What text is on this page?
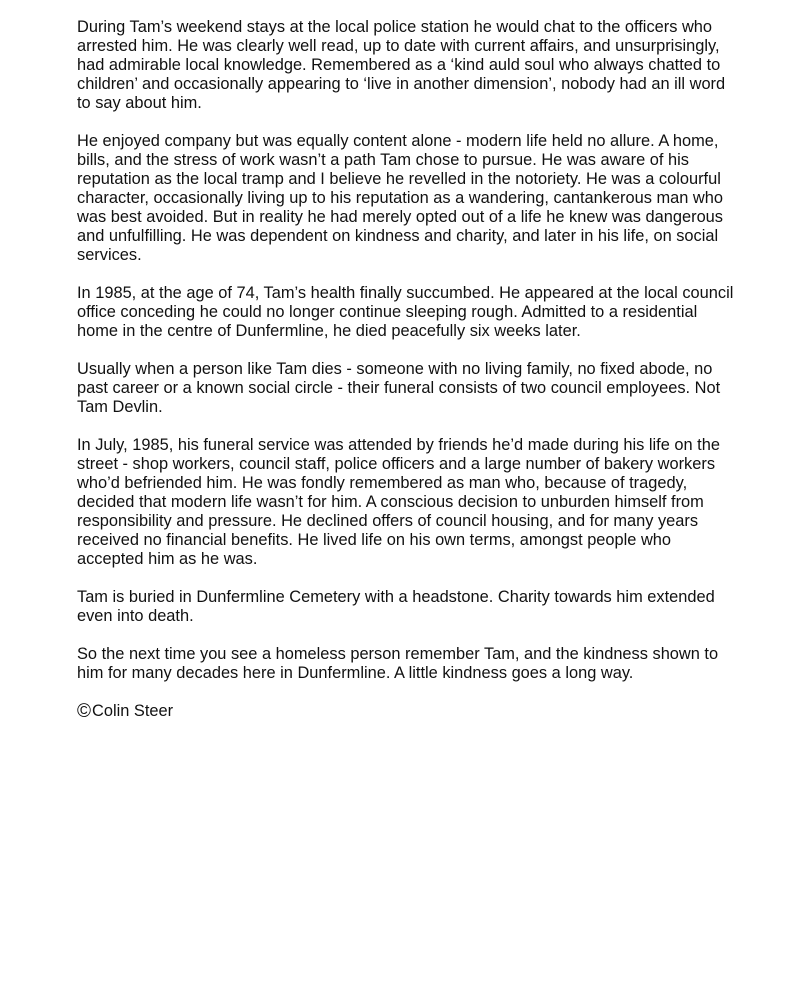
During Tam’s weekend stays at the local police station he would chat to the officers who arrested him. He was clearly well read, up to date with current affairs, and unsurprisingly, had admirable local knowledge. Remembered as a ‘kind auld soul who always chatted to children’ and occasionally appearing to ‘live in another dimension’, nobody had an ill word to say about him.

He enjoyed company but was equally content alone - modern life held no allure. A home, bills, and the stress of work wasn’t a path Tam chose to pursue. He was aware of his reputation as the local tramp and I believe he revelled in the notoriety. He was a colourful character, occasionally living up to his reputation as a wandering, cantankerous man who was best avoided. But in reality he had merely opted out of a life he knew was dangerous and unfulfilling. He was dependent on kindness and charity, and later in his life, on social services.

In 1985, at the age of 74, Tam’s health finally succumbed. He appeared at the local council office conceding he could no longer continue sleeping rough. Admitted to a residential home in the centre of Dunfermline, he died peacefully six weeks later.

Usually when a person like Tam dies - someone with no living family, no fixed abode, no past career or a known social circle - their funeral consists of two council employees. Not Tam Devlin.

In July, 1985, his funeral service was attended by friends he’d made during his life on the street - shop workers, council staff, police officers and a large number of bakery workers who’d befriended him. He was fondly remembered as man who, because of tragedy, decided that modern life wasn’t for him. A conscious decision to unburden himself from responsibility and pressure. He declined offers of council housing, and for many years received no financial benefits. He lived life on his own terms, amongst people who accepted him as he was.

Tam is buried in Dunfermline Cemetery with a headstone. Charity towards him extended even into death.

So the next time you see a homeless person remember Tam, and the kindness shown to him for many decades here in Dunfermline. A little kindness goes a long way.

© Colin Steer
